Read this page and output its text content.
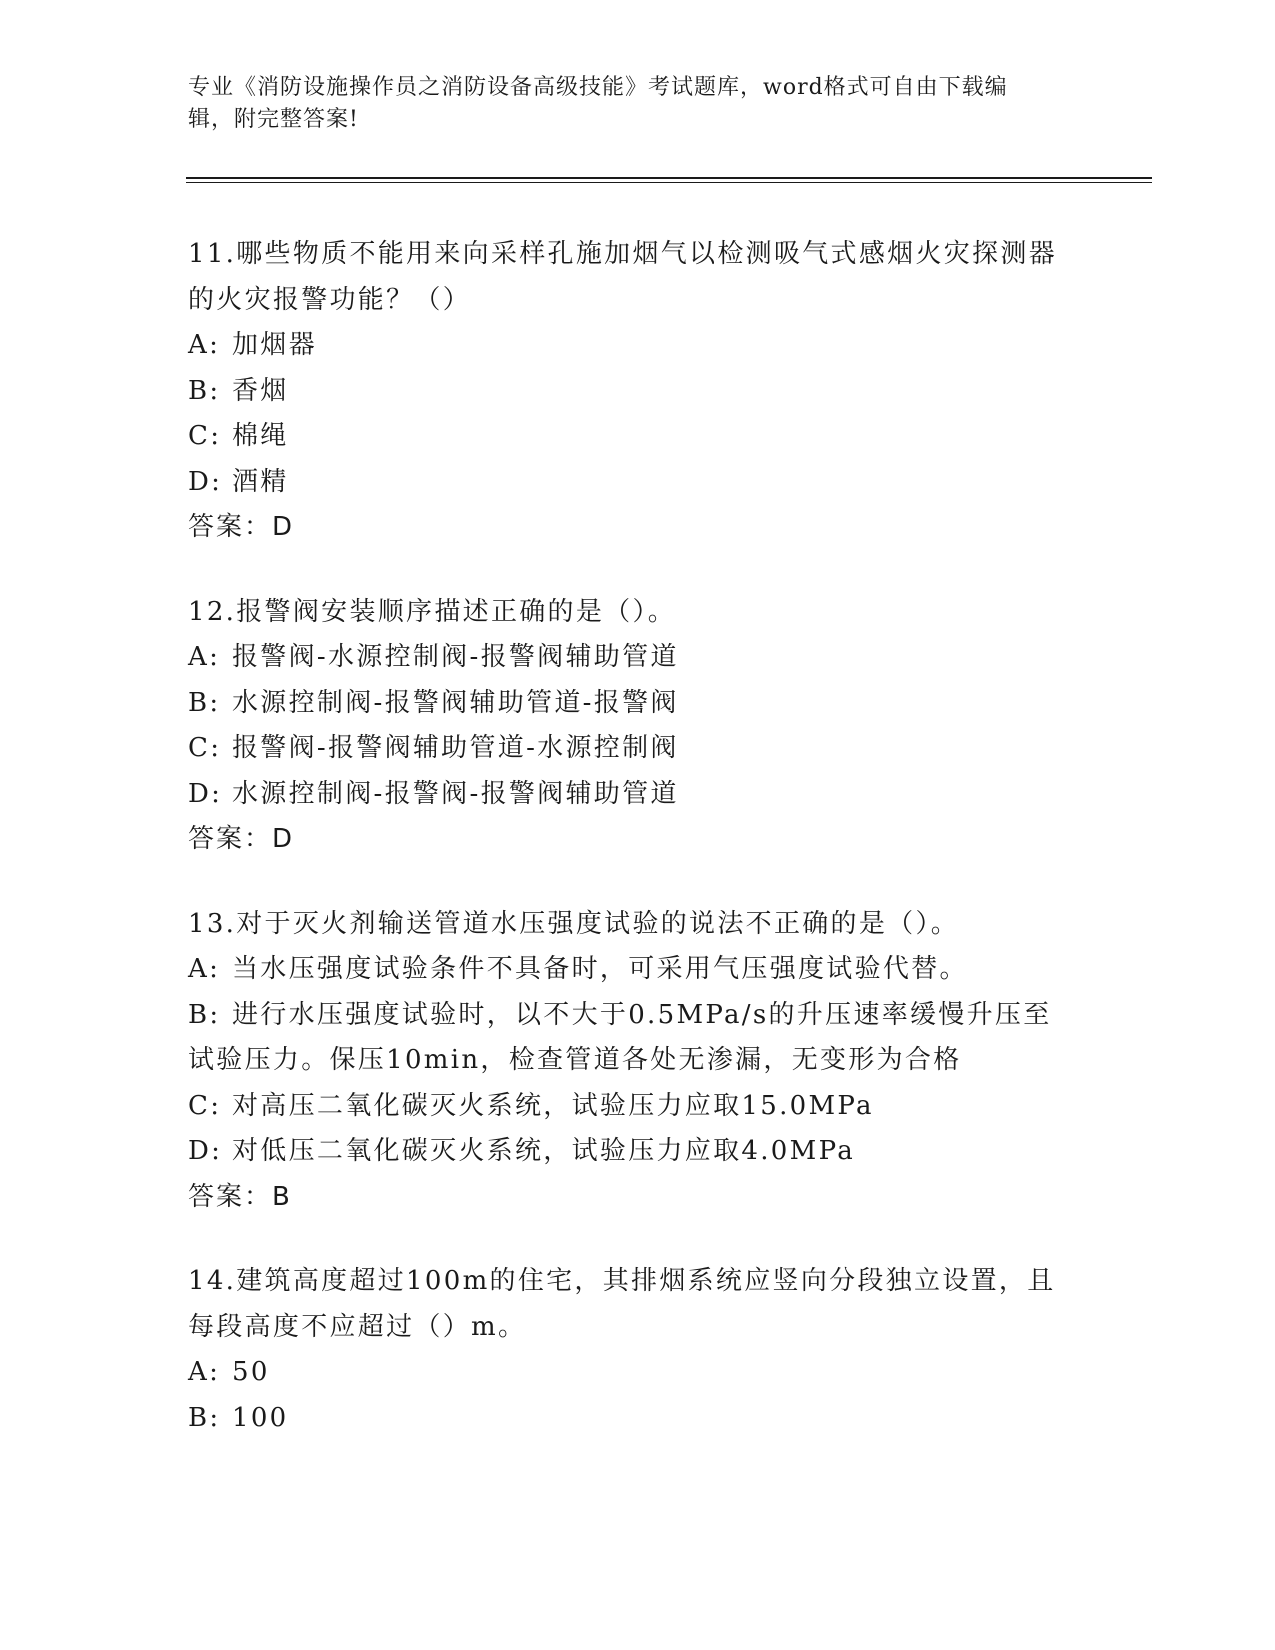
专业《消防设施操作员之消防设备高级技能》考试题库，word格式可自由下载编
辑，附完整答案!
11.哪些物质不能用来向采样孔施加烟气以检测吸气式感烟火灾探测器
的火灾报警功能？（）
A: 加烟器
B: 香烟
C: 棉绳
D: 酒精
答案：D
12.报警阀安装顺序描述正确的是（）。
A: 报警阀-水源控制阀-报警阀辅助管道
B: 水源控制阀-报警阀辅助管道-报警阀
C: 报警阀-报警阀辅助管道-水源控制阀
D: 水源控制阀-报警阀-报警阀辅助管道
答案：D
13.对于灭火剂输送管道水压强度试验的说法不正确的是（）。
A: 当水压强度试验条件不具备时，可采用气压强度试验代替。
B: 进行水压强度试验时，以不大于0.5MPa/s的升压速率缓慢升压至
试验压力。保压10min，检查管道各处无渗漏，无变形为合格
C: 对高压二氧化碳灭火系统，试验压力应取15.0MPa
D: 对低压二氧化碳灭火系统，试验压力应取4.0MPa
答案：B
14.建筑高度超过100m的住宅，其排烟系统应竖向分段独立设置，且
每段高度不应超过（）m。
A: 50
B: 100
